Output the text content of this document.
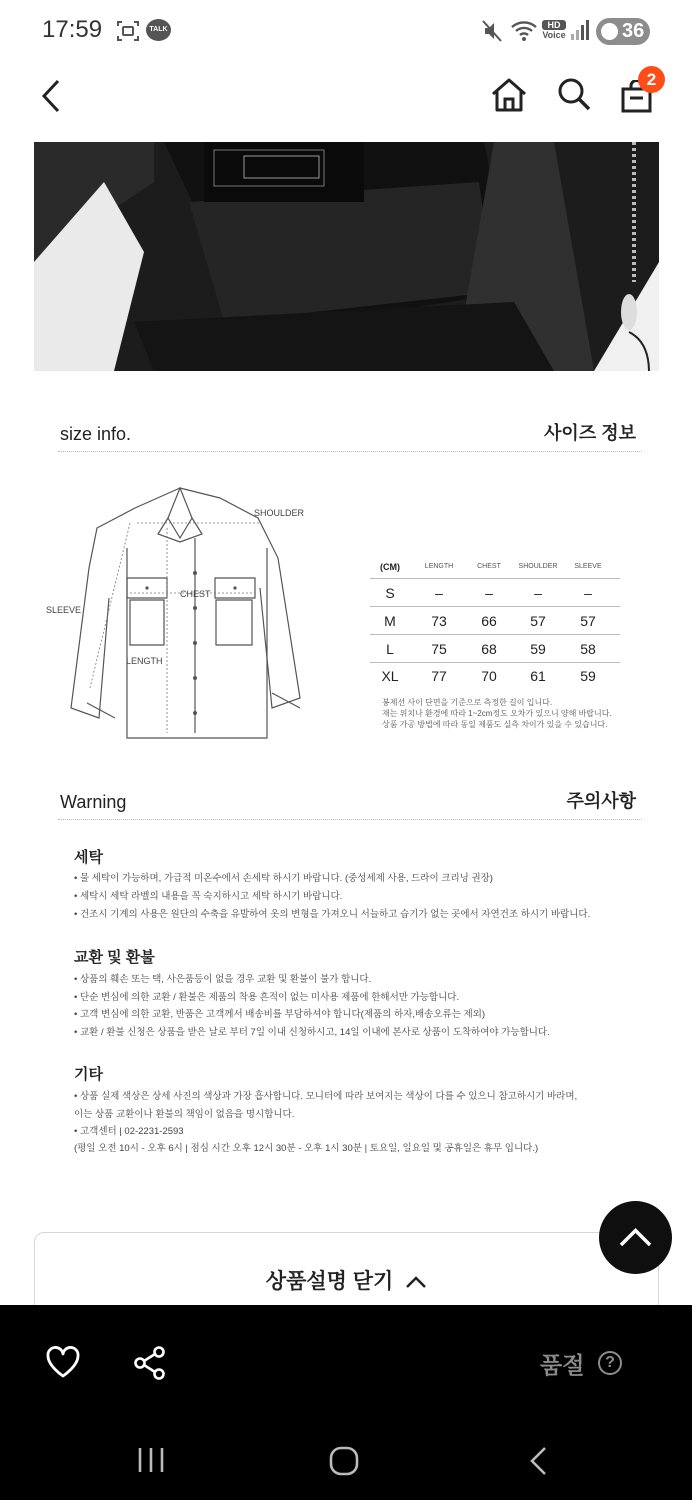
17:59	TALK	HD
Voice	36
2
size info.	사이즈 정보
SHOULDER
SLEEVE
CHEST
LENGTH
(CM)	LENGTH	CHEST	SHOULDER	SLEEVE
S	–	–	–	–
M	73	66	57	57
L	75	68	59	58
XL	77	70	61	59
봉제선 사이 단면을 기준으로 측정한 길이 입니다.
재는 위치나 환경에 따라 1~2cm정도 오차가 있으니 양해 바랍니다.
상품 가공 방법에 따라 동일 제품도 실측 차이가 있을 수 있습니다.
Warning	주의사항
세탁
• 물 세탁이 가능하며, 가급적 미온수에서 손세탁 하시기 바랍니다. (중성세제 사용, 드라이 크리닝 권장)
• 세탁시 세탁 라벨의 내용을 꼭 숙지하시고 세탁 하시기 바랍니다.
• 건조시 기계의 사용은 원단의 수축을 유발하여 옷의 변형을 가져오니 서늘하고 습기가 없는 곳에서 자연건조 하시기 바랍니다.
교환 및 환불
• 상품의 훼손 또는 택, 사은품등이 없을 경우 교환 및 환불이 불가 합니다.
• 단순 변심에 의한 교환 / 환불은 제품의 착용 흔적이 없는 미사용 제품에 한해서만 가능합니다.
• 고객 변심에 의한 교환, 반품은 고객께서 배송비를 부담하셔야 합니다(제품의 하자,배송오류는 제외)
• 교환 / 환불 신청은 상품을 받은 날로 부터 7일 이내 신청하시고, 14일 이내에 본사로 상품이 도착하여야 가능합니다.
기타
• 상품 실제 색상은 상세 사진의 색상과 가장 흡사합니다. 모니터에 따라 보여지는 색상이 다를 수 있으니 참고하시기 바라며,
이는 상품 교환이나 환불의 책임이 없음을 명시합니다.
• 고객센터 | 02-2231-2593
(평일 오전 10시 - 오후 6시 | 점심 시간 오후 12시 30분 - 오후 1시 30분 | 토요일, 일요일 및 공휴일은 휴무 입니다.)
상품설명 닫기
품절	?
